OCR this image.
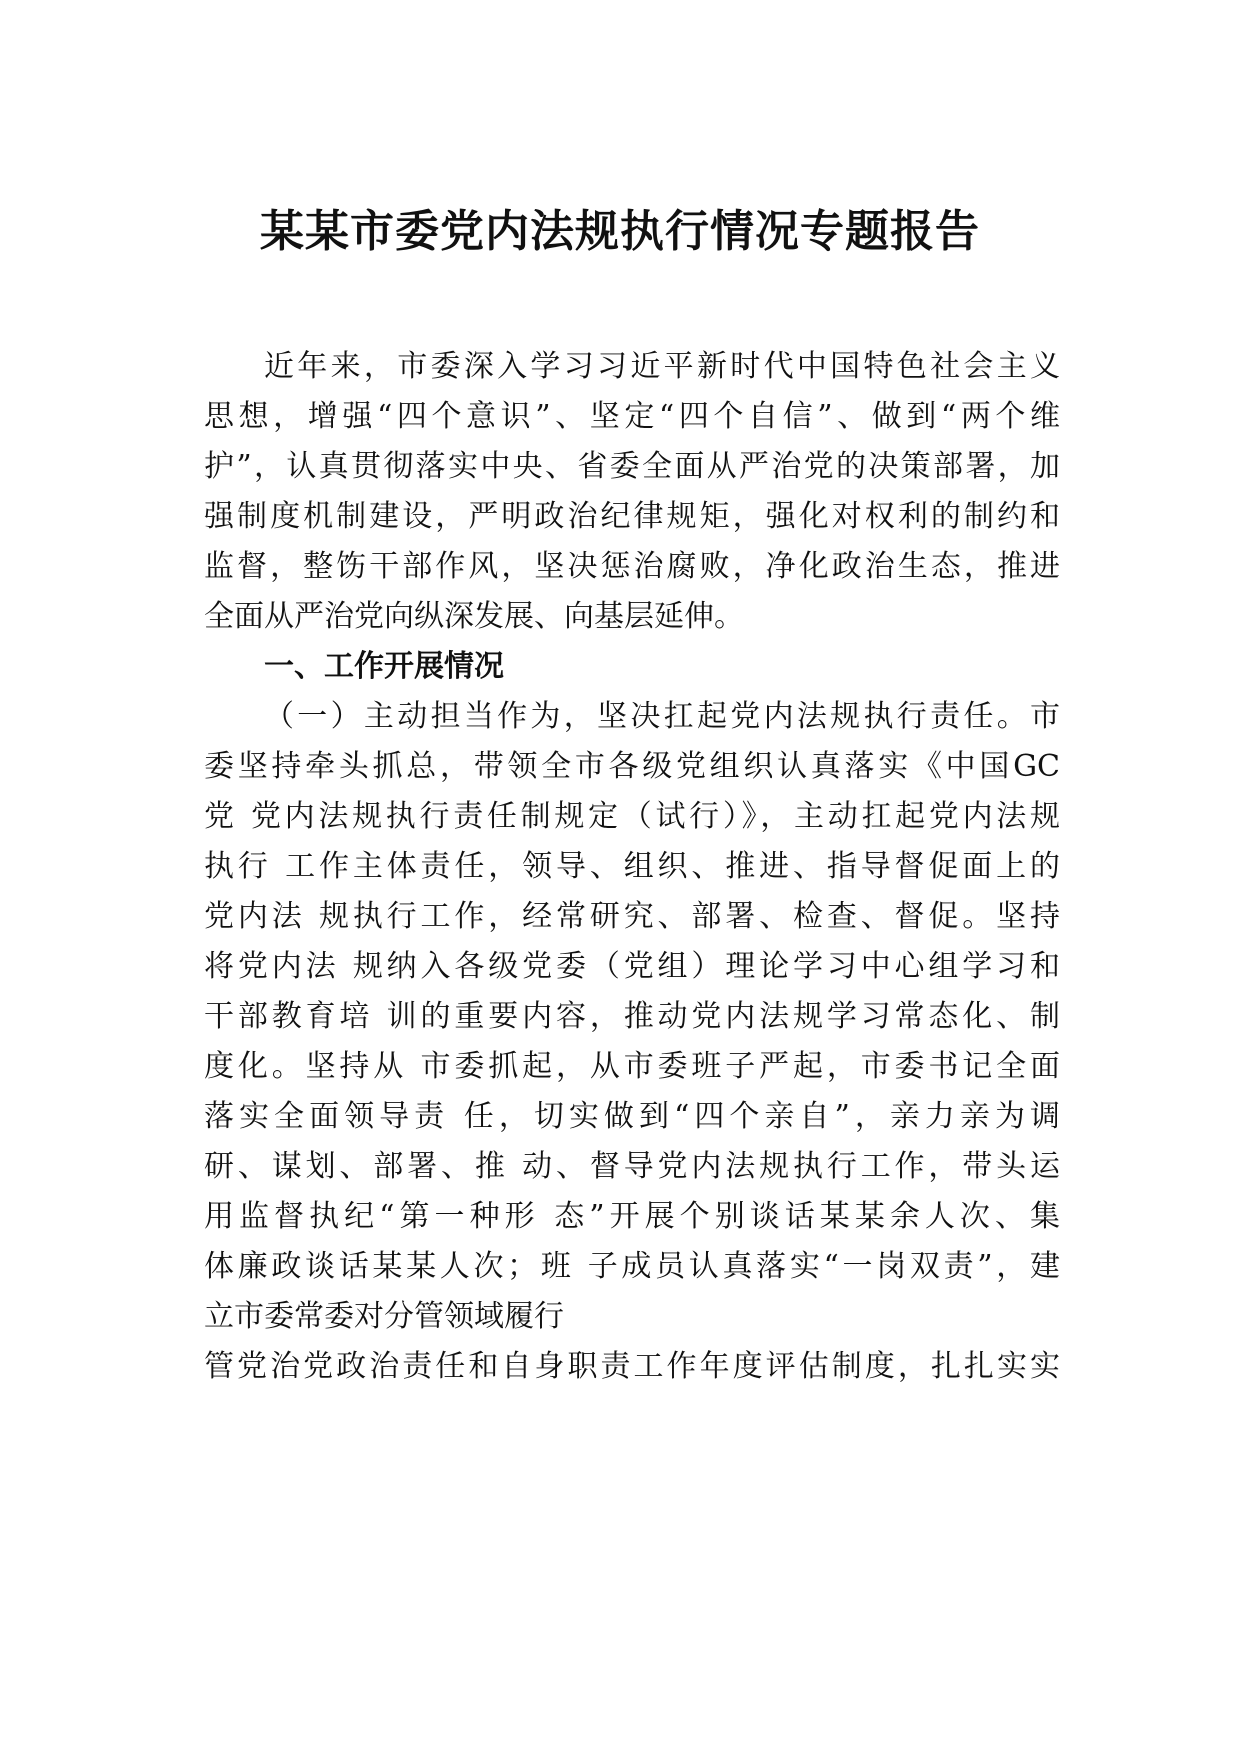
某某市委党内法规执行情况专题报告

近年来，市委深入学习习近平新时代中国特色社会主义

思想，增强“四个意识”、坚定“四个自信”、做到“两个维

护”，认真贯彻落实中央、省委全面从严治党的决策部署，加

强制度机制建设，严明政治纪律规矩，强化对权利的制约和

监督，整饬干部作风，坚决惩治腐败，净化政治生态，推进

全面从严治党向纵深发展、向基层延伸。

一、工作开展情况

（一）主动担当作为，坚决扛起党内法规执行责任。市

委坚持牵头抓总，带领全市各级党组织认真落实《中国GC

党 党内法规执行责任制规定（试行）》，主动扛起党内法规

执行 工作主体责任，领导、组织、推进、指导督促面上的

党内法 规执行工作，经常研究、部署、检查、督促。坚持

将党内法 规纳入各级党委（党组）理论学习中心组学习和

干部教育培 训的重要内容，推动党内法规学习常态化、制

度化。坚持从 市委抓起，从市委班子严起，市委书记全面

落实全面领导责 任，切实做到“四个亲自”，亲力亲为调

研、谋划、部署、推 动、督导党内法规执行工作，带头运

用监督执纪“第一种形 态”开展个别谈话某某余人次、集

体廉政谈话某某人次；班 子成员认真落实“一岗双责”，建

立市委常委对分管领域履行

管党治党政治责任和自身职责工作年度评估制度，扎扎实实
